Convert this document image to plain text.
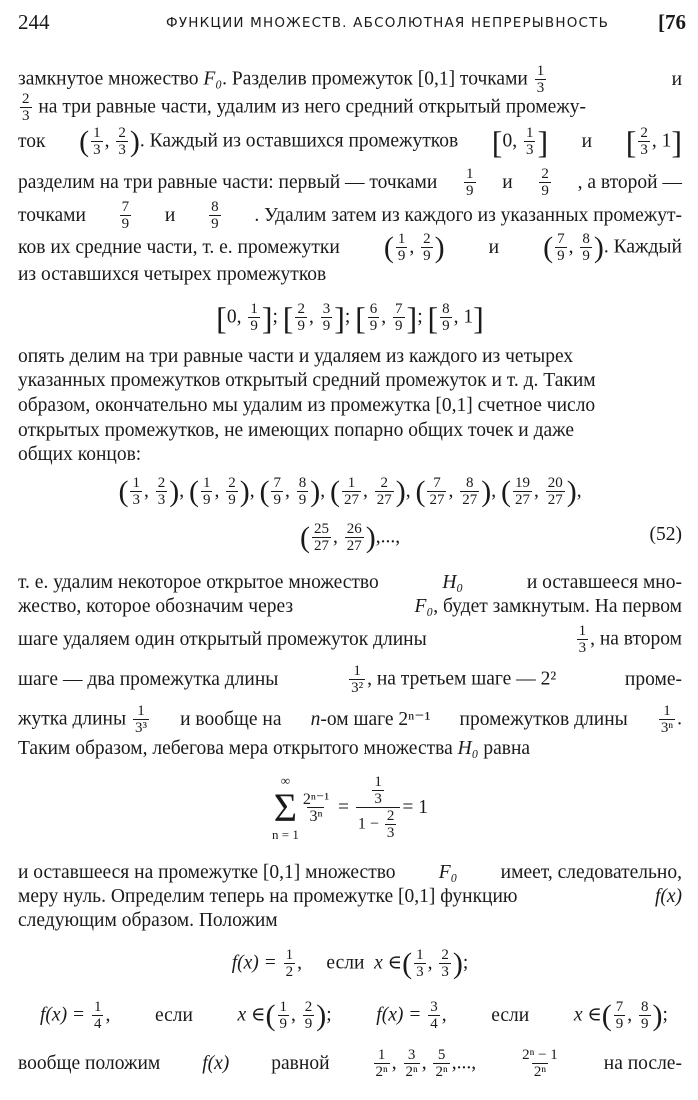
244	ФУНКЦИИ МНОЖЕСТВ. АБСОЛЮТНАЯ НЕПРЕРЫВНОСТЬ [76
замкнутое множество F₀. Разделив промежуток [0,1] точками $\frac{1}{3}$	и
$\frac{2}{3}$ на три равные части, удалим из него средний открытый промежу-
ток ( $\frac{1}{3}$ , $\frac{2}{3}$ ). Каждый из оставшихся промежутков [0, $\frac{1}{3}$ ] и [ $\frac{2}{3}$ , 1]
разделим на три равные части: первый — точками 1
9 и 2
9 , а второй —
точками 7
9 и 8
9 . Удалим затем из каждого из указанных промежут-
ков их средние части, т. е. промежутки ( $\frac{1}{9}$ , $\frac{2}{9}$ ) и ( $\frac{7}{9}$ , $\frac{8}{9}$ ). Каждый
из оставшихся четырех промежутков
[0, $\frac{1}{9}$ ]; [ $\frac{2}{9}$ , $\frac{3}{9}$ ]; [ $\frac{6}{9}$ , $\frac{7}{9}$ ]; [ $\frac{8}{9}$ , 1]
опять делим на три равные части и удаляем из каждого из четырех
указанных промежутков открытый средний промежуток и т. д. Таким
образом, окончательно мы удалим из промежутка [0,1] счетное число
открытых промежутков, не имеющих попарно общих точек и даже
общих концов:
( $\frac{1}{3}$ , $\frac{2}{3}$ ), ( $\frac{1}{9}$ , $\frac{2}{9}$ ), ( $\frac{7}{9}$ , $\frac{8}{9}$ ), ( $\frac{1}{27}$ , $\frac{2}{27}$ ), ( $\frac{7}{27}$ , $\frac{8}{27}$ ), ( $\frac{19}{27}$ , $\frac{20}{27}$ ),
( $\frac{25}{27}$ , $\frac{26}{27}$ ),...,	(52)
т. е. удалим некоторое открытое множество	H₀	и оставшееся мно-
жество, которое обозначим через	F₀, будет замкнутым. На первом
шаге удаляем один открытый промежуток длины	$\frac{1}{3}$ , на втором
шаге — два промежутка длины	$\frac{1}{\text{3²}}$ , на третьем шаге — 2²	проме-
жутка длины $\frac{1}{\text{3³}}$ и вообще на n-ом шаге 2ⁿ⁻¹ промежутков длины $\frac{1}{\text{3ⁿ}}$ .
Таким образом, лебегова мера открытого множества H₀ равна
∞
Σ
n = 1
$\frac{\text{2ⁿ⁻¹}}{\text{3ⁿ}} = \frac{\frac{1}{3}}{1 - \frac{2}{3}} = 1$
и оставшееся на промежутке [0,1] множество F₀ имеет, следовательно,
меру нуль. Определим теперь на промежутке [0,1] функцию	f(x)
следующим образом. Положим
$f(x) = \frac{1}{2}$ ,     если x ∈( $\frac{1}{3}$ , $\frac{2}{3}$ );
$f(x) = \frac{1}{4}$ , если x ∈( $\frac{1}{9}$ , $\frac{2}{9}$ ); $f(x) = \frac{3}{4}$ , если x ∈( $\frac{7}{9}$ , $\frac{8}{9}$ );
вообще положим f(x) равной	$\frac{1}{\text{2ⁿ}}$ , $\frac{3}{\text{2ⁿ}}$ , $\frac{5}{\text{2ⁿ}}$ ,...,	2ⁿ − 1
2ⁿ	на после-
